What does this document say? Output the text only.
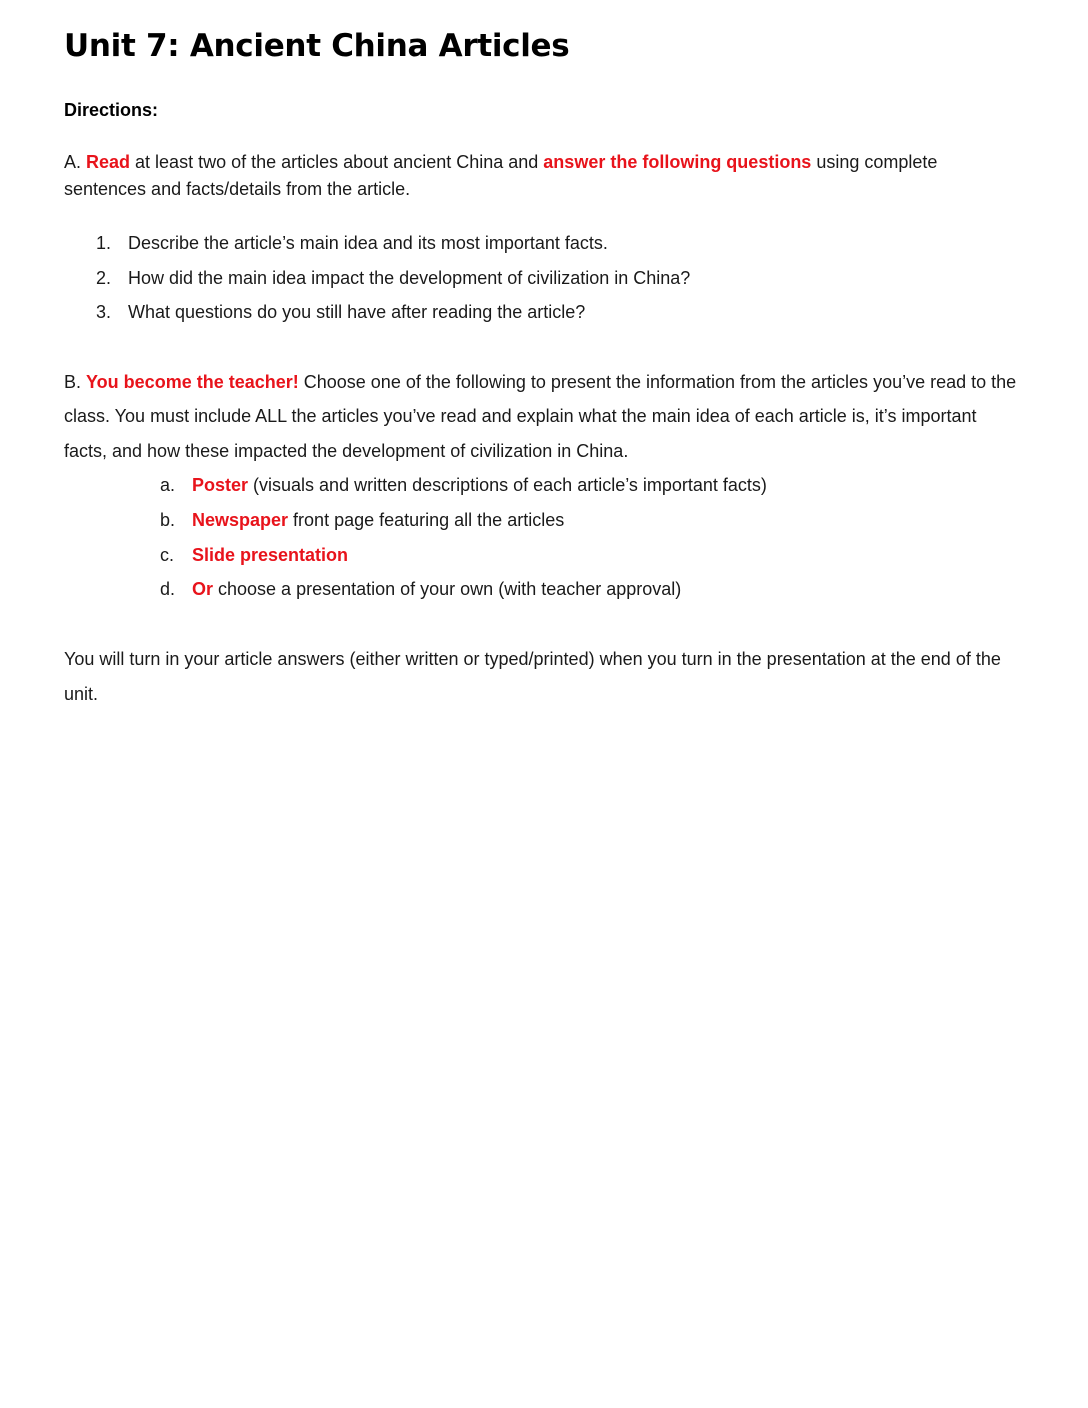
Unit 7: Ancient China Articles

Directions:

A. Read at least two of the articles about ancient China and answer the following questions using complete sentences and facts/details from the article.

1. Describe the article’s main idea and its most important facts.
2. How did the main idea impact the development of civilization in China?
3. What questions do you still have after reading the article?

B. You become the teacher! Choose one of the following to present the information from the articles you’ve read to the class. You must include ALL the articles you’ve read and explain what the main idea of each article is, it’s important facts, and how these impacted the development of civilization in China.

a. Poster (visuals and written descriptions of each article’s important facts)
b. Newspaper front page featuring all the articles
c. Slide presentation
d. Or choose a presentation of your own (with teacher approval)

You will turn in your article answers (either written or typed/printed) when you turn in the presentation at the end of the unit.
